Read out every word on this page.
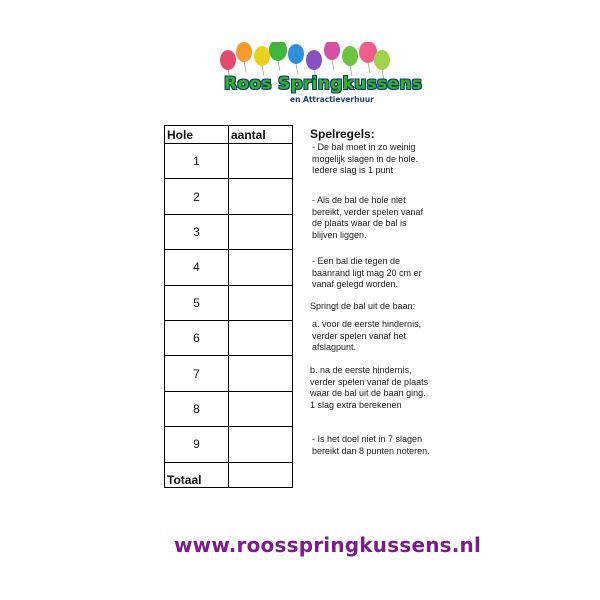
Roos Springkussens
en Attractieverhuur
Hole	aantal
1	
2	
3	
4	
5	
6	
7	
8	
9	
Totaal	
Spelregels:
- De bal moet in zo weinig
mogelijk slagen in de hole.
Iedere slag is 1 punt
- Als de bal de hole niet
bereikt, verder spelen vanaf
de plaats waar de bal is
blijven liggen.
- Een bal die tegen de
baanrand ligt mag 20 cm er
vanaf gelegd worden.
Springt de bal uit de baan:
a. voor de eerste hindernis,
verder spelen vanaf het
afslagpunt.
b. na de eerste hindernis,
verder spelen vanaf de plaats
waar de bal uit de baan ging.
1 slag extra berekenen
- Is het doel niet in 7 slagen
bereikt dan 8 punten noteren.
www.roosspringkussens.nl
